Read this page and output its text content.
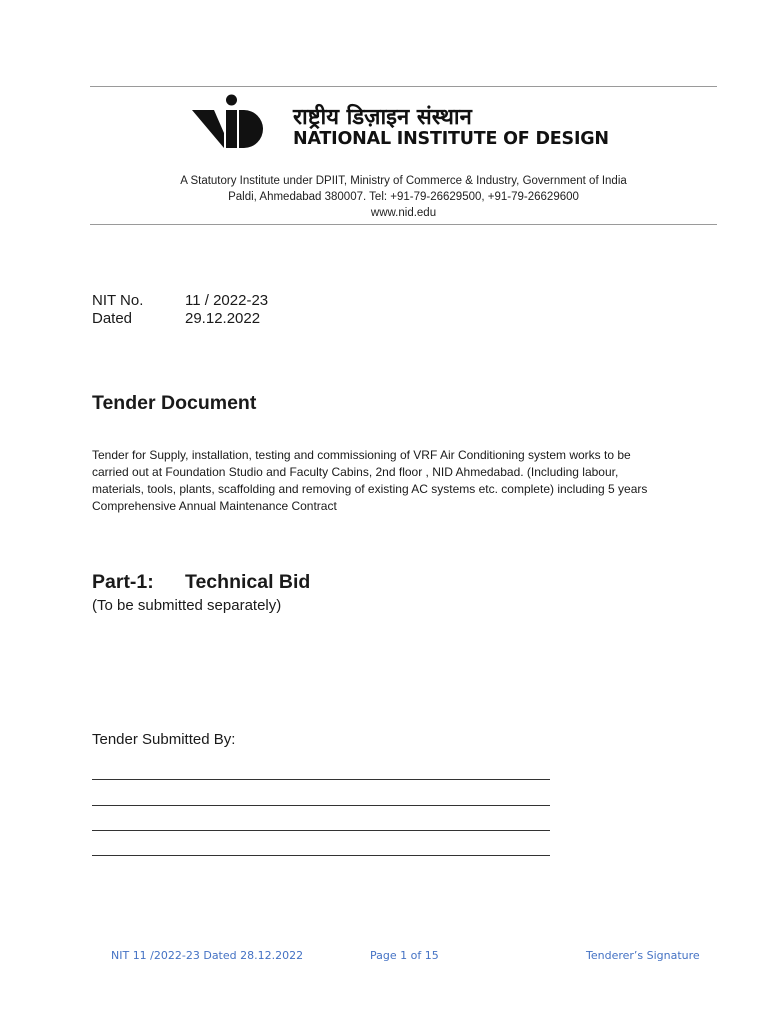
राष्ट्रीय डिज़ाइन संस्थान
NATIONAL INSTITUTE OF DESIGN
A Statutory Institute under DPIIT, Ministry of Commerce & Industry, Government of India
Paldi, Ahmedabad 380007. Tel: +91-79-26629500, +91-79-26629600
www.nid.edu
NIT No.	11 / 2022-23
Dated	29.12.2022
Tender Document
Tender for Supply, installation, testing and commissioning of VRF Air Conditioning system works to be
carried out at Foundation Studio and Faculty Cabins, 2nd floor , NID Ahmedabad. (Including labour,
materials, tools, plants, scaffolding and removing of existing AC systems etc. complete) including 5 years
Comprehensive Annual Maintenance Contract
Part-1: Technical Bid
(To be submitted separately)
Tender Submitted By:
NIT 11 /2022-23 Dated 28.12.2022	Page 1 of 15	Tenderer’s Signature
